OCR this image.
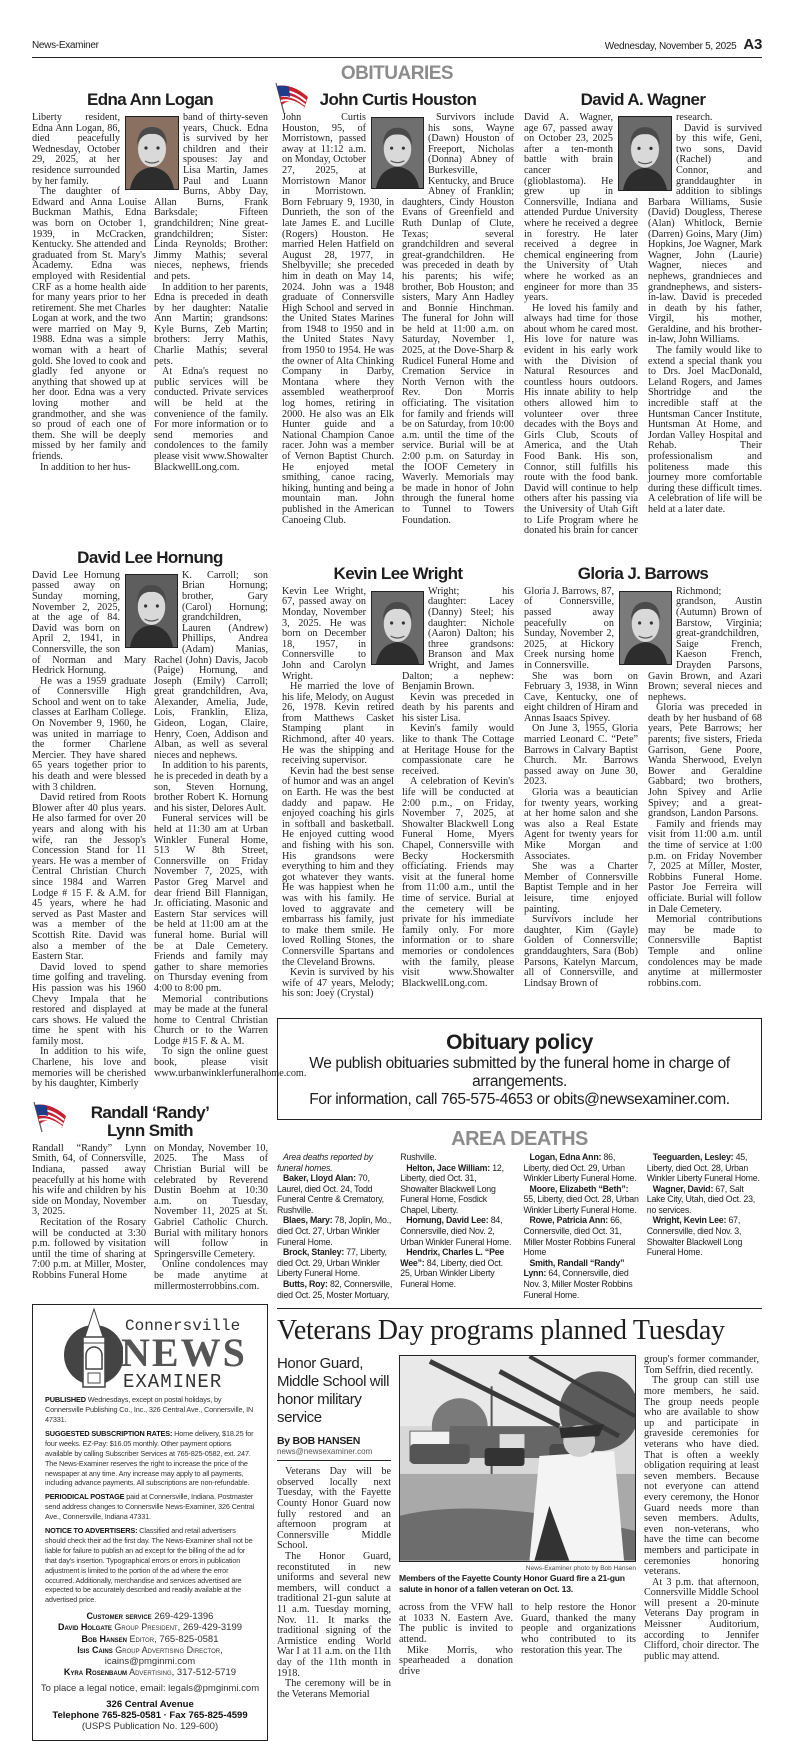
News-Examiner	Wednesday, November 5, 2025 A3
OBITUARIES
Edna Ann Logan

Liberty resident, Edna Ann Logan, 86, died peacefully Wednesday, October 29, 2025, at her residence surrounded by her family.

The daughter of Edward and Anna Louise Buckman Mathis, Edna was born on October 1, 1939, in McCracken, Kentucky. She attended and graduated from St. Mary's Academy. Edna was employed with Residential CRF as a home health aide for many years prior to her retirement. She met Charles Logan at work, and the two were married on May 9, 1988. Edna was a simple woman with a heart of gold. She loved to cook and gladly fed anyone or anything that showed up at her door. Edna was a very loving mother and grandmother, and she was so proud of each one of them. She will be deeply missed by her family and friends.

In addition to her hus-

band of thirty-seven years, Chuck. Edna is survived by her children and their spouses: Jay and Lisa Martin, James Paul and Luann Burns, Abby Day, Allan Burns, Frank Barksdale; Fifteen grandchildren; Nine great-grandchildren; Sister: Linda Reynolds; Brother: Jimmy Mathis; several nieces, nephews, friends and pets.

In addition to her parents, Edna is preceded in death by her daughter: Natalie Ann Martin; grandsons: Kyle Burns, Zeb Martin; brothers: Jerry Mathis, Charlie Mathis; several pets.

At Edna's request no public services will be conducted. Private services will be held at the convenience of the family. For more information or to send memories and condolences to the family please visit www.Showalter BlackwellLong.com.

John Curtis Houston

John Curtis Houston, 95, of Morristown, passed away at 11:12 a.m. on Monday, October 27, 2025, at Morristown Manor in Morristown. Born February 9, 1930, in Dunrieth, the son of the late James E. and Lucille (Rogers) Houston. He married Helen Hatfield on August 28, 1977, in Shelbyville; she preceded him in death on May 14, 2024. John was a 1948 graduate of Connersville High School and served in the United States Marines from 1948 to 1950 and in the United States Navy from 1950 to 1954. He was the owner of Alta Chinking Company in Darby, Montana where they assembled weatherproof log homes, retiring in 2000. He also was an Elk Hunter guide and a National Champion Canoe racer. John was a member of Vernon Baptist Church. He enjoyed metal smithing, canoe racing, hiking, hunting and being a mountain man. John published in the American Canoeing Club.

Survivors include his sons, Wayne (Dawn) Houston of Freeport, Nicholas (Donna) Abney of Burkesville, Kentucky, and Bruce Abney of Franklin; daughters, Cindy Houston Evans of Greenfield and Ruth Dunlap of Clute, Texas; several grandchildren and several great-grandchildren. He was preceded in death by his parents; his wife; brother, Bob Houston; and sisters, Mary Ann Hadley and Bonnie Hinchman. The funeral for John will be held at 11:00 a.m. on Saturday, November 1, 2025, at the Dove-Sharp & Rudicel Funeral Home and Cremation Service in North Vernon with the Rev. Don Morris officiating. The visitation for family and friends will be on Saturday, from 10:00 a.m. until the time of the service. Burial will be at 2:00 p.m. on Saturday in the IOOF Cemetery in Waverly. Memorials may be made in honor of John through the funeral home to Tunnel to Towers Foundation.

David A. Wagner

David A. Wagner, age 67, passed away on October 23, 2025 after a ten-month battle with brain cancer (glioblastoma). He grew up in Connersville, Indiana and attended Purdue University where he received a degree in forestry. He later received a degree in chemical engineering from the University of Utah where he worked as an engineer for more than 35 years.

He loved his family and always had time for those about whom he cared most. His love for nature was evident in his early work with the Division of Natural Resources and countless hours outdoors. His innate ability to help others allowed him to volunteer over three decades with the Boys and Girls Club, Scouts of America, and the Utah Food Bank. His son, Connor, still fulfills his route with the food bank. David will continue to help others after his passing via the University of Utah Gift to Life Program where he donated his brain for cancer

research.

David is survived by this wife, Geni, two sons, David (Rachel) and Connor, and granddaughter in addition to siblings Barbara Williams, Susie (David) Dougless, Therese (Alan) Whitlock, Bernie (Darren) Goins, Mary (Jim) Hopkins, Joe Wagner, Mark Wagner, John (Laurie) Wagner, nieces and nephews, grandnieces and grandnephews, and sisters-in-law. David is preceded in death by his father, Virgil, his mother, Geraldine, and his brother-in-law, John Williams.

The family would like to extend a special thank you to Drs. Joel MacDonald, Leland Rogers, and James Shortridge and the incredible staff at the Huntsman Cancer Institute, Huntsman At Home, and Jordan Valley Hospital and Rehab. Their professionalism and politeness made this journey more comfortable during these difficult times. A celebration of life will be held at a later date.

David Lee Hornung

David Lee Hornung passed away on Sunday morning, November 2, 2025, at the age of 84. David was born on April 2, 1941, in Connersville, the son of Norman and Mary Hedrick Hornung.

He was a 1959 graduate of Connersville High School and went on to take classes at Earlham College. On November 9, 1960, he was united in marriage to the former Charlene Mercier. They have shared 65 years together prior to his death and were blessed with 3 children.

David retired from Roots Blower after 40 plus years. He also farmed for over 20 years and along with his wife, ran the Jessop's Concession Stand for 11 years. He was a member of Central Christian Church since 1984 and Warren Lodge # 15 F. & A.M. for 45 years, where he had served as Past Master and was a member of the Scottish Rite. David was also a member of the Eastern Star.

David loved to spend time golfing and traveling. His passion was his 1960 Chevy Impala that he restored and displayed at cars shows. He valued the time he spent with his family most.

In addition to his wife, Charlene, his love and memories will be cherished by his daughter, Kimberly

K. Carroll; son Brian Hornung; brother, Gary (Carol) Hornung; grandchildren, Lauren (Andrew) Phillips, Andrea (Adam) Manias, Rachel (John) Davis, Jacob (Paige) Hornung, and Joseph (Emily) Carroll; great grandchildren, Ava, Alexander, Amelia, Jude, Lois, Franklin, Eliza, Gideon, Logan, Claire, Henry, Coen, Addison and Alban, as well as several nieces and nephews.

In addition to his parents, he is preceded in death by a son, Steven Hornung, brother Robert K. Hornung and his sister, Delores Ault.

Funeral services will be held at 11:30 am at Urban Winkler Funeral Home, 513 W 8th Street, Connersville on Friday November 7, 2025, with Pastor Greg Marvel and dear friend Bill Flannigan, Jr. officiating. Masonic and Eastern Star services will be held at 11:00 am at the funeral home. Burial will be at Dale Cemetery. Friends and family may gather to share memories on Thursday evening from 4:00 to 8:00 pm.

Memorial contributions may be made at the funeral home to Central Christian Church or to the Warren Lodge #15 F. & A. M.

To sign the online guest book, please visit www.urbanwinklerfuneralhome.com.

Randall ‘Randy’
Lynn Smith

Randall “Randy” Lynn Smith, 64, of Connersville, Indiana, passed away peacefully at his home with his wife and children by his side on Monday, November 3, 2025.

Recitation of the Rosary will be conducted at 3:30 p.m. followed by visitation until the time of sharing at 7:00 p.m. at Miller, Moster, Robbins Funeral Home

on Monday, November 10, 2025. The Mass of Christian Burial will be celebrated by Reverend Dustin Boehm at 10:30 a.m. on Tuesday, November 11, 2025 at St. Gabriel Catholic Church. Burial with military honors will follow in Springersville Cemetery.

Online condolences may be made anytime at millermosterrobbins.com.

Connersville
NEWS
EXAMINER

PUBLISHED Wednesdays, except on postal holidays, by Connersville Publishing Co., Inc., 326 Central Ave., Connersville, IN 47331.

SUGGESTED SUBSCRIPTION RATES: Home delivery, $18.25 for four weeks. EZ-Pay: $16.05 monthly. Other payment options available by calling Subscriber Services at 765-825-0582, ext. 247. The News-Examiner reserves the right to increase the price of the newspaper at any time. Any increase may apply to all payments, including advance payments. All subscriptions are non-refundable.

PERIODICAL POSTAGE paid at Connersville, Indiana. Postmaster send address changes to Connersville News-Examiner, 326 Central Ave., Connersville, Indiana 47331.

NOTICE TO ADVERTISERS: Classified and retail advertisers should check their ad the first day. The News-Examiner shall not be liable for failure to publish an ad except for the billing of the ad for that day's insertion. Typographical errors or errors in publication adjustment is limited to the portion of the ad where the error occurred. Additionally, merchandise and services advertised are expected to be accurately described and readily available at the advertised price.

Customer service 269-429-1396
David Holgate Group President, 269-429-3199
Bob Hansen Editor, 765-825-0581
Isis Cains Group Advertising Director, icains@pmginmi.com
Kyra Rosenbaum Advertising, 317-512-5719
To place a legal notice, email: legals@pmginmi.com
326 Central Avenue
Telephone 765-825-0581 · Fax 765-825-4599
(USPS Publication No. 129-600)
Kevin Lee Wright

Kevin Lee Wright, 67, passed away on Monday, November 3, 2025. He was born on December 18, 1957, in Connersville to John and Carolyn Wright.

He married the love of his life, Melody, on August 26, 1978. Kevin retired from Matthews Casket Stamping plant in Richmond, after 40 years. He was the shipping and receiving supervisor.

Kevin had the best sense of humor and was an angel on Earth. He was the best daddy and papaw. He enjoyed coaching his girls in softball and basketball. He enjoyed cutting wood and fishing with his son. His grandsons were everything to him and they got whatever they wants. He was happiest when he was with his family. He loved to aggravate and embarrass his family, just to make them smile. He loved Rolling Stones, the Connersville Spartans and the Cleveland Browns.

Kevin is survived by his wife of 47 years, Melody; his son: Joey (Crystal)

Wright; his daughter: Lacey (Danny) Steel; his daughter: Nichole (Aaron) Dalton; his three grandsons: Branson and Max Wright, and James Dalton; a nephew: Benjamin Brown.

Kevin was preceded in death by his parents and his sister Lisa.

Kevin's family would like to thank The Cottage at Heritage House for the compassionate care he received.

A celebration of Kevin's life will be conducted at 2:00 p.m., on Friday, November 7, 2025, at Showalter Blackwell Long Funeral Home, Myers Chapel, Connersville with Becky Hockersmith officiating. Friends may visit at the funeral home from 11:00 a.m., until the time of service. Burial at the cemetery will be private for his immediate family only. For more information or to share memories or condolences with the family, please visit www.Showalter BlackwellLong.com.

Gloria J. Barrows

Gloria J. Barrows, 87, of Connersville, passed away peacefully on Sunday, November 2, 2025, at Hickory Creek nursing home in Connersville.

She was born on February 3, 1938, in Winn Cave, Kentucky, one of eight children of Hiram and Annas Isaacs Spivey.

On June 3, 1955, Gloria married Leonard C. “Pete” Barrows in Calvary Baptist Church. Mr. Barrows passed away on June 30, 2023.

Gloria was a beautician for twenty years, working at her home salon and she was also a Real Estate Agent for twenty years for Mike Morgan and Associates.

She was a Charter Member of Connersville Baptist Temple and in her leisure, time enjoyed painting.

Survivors include her daughter, Kim (Gayle) Golden of Connersville; granddaughters, Sara (Bob) Parsons, Katelyn Marcum, all of Connersville, and Lindsay Brown of

Richmond; grandson, Austin (Autumn) Brown of Barstow, Virginia; great-grandchildren, Saige French, Kaeson French, Drayden Parsons, Gavin Brown, and Azari Brown; several nieces and nephews.

Gloria was preceded in death by her husband of 68 years, Pete Barrows; her parents; five sisters, Frieda Garrison, Gene Poore, Wanda Sherwood, Evelyn Bower and Geraldine Gabbard; two brothers, John Spivey and Arlie Spivey; and a great-grandson, Landon Parsons.

Family and friends may visit from 11:00 a.m. until the time of service at 1:00 p.m. on Friday November 7, 2025 at Miller, Moster, Robbins Funeral Home. Pastor Joe Ferreira will officiate. Burial will follow in Dale Cemetery.

Memorial contributions may be made to Connersville Baptist Temple and online condolences may be made anytime at millermoster robbins.com.

Obituary policy
We publish obituaries submitted by the funeral home in charge of arrangements.
For information, call 765-575-4653 or obits@newsexaminer.com.
AREA DEATHS

Area deaths reported by funeral homes.

Baker, Lloyd Alan: 70, Laurel, died Oct. 24, Todd Funeral Centre & Crematory, Rushville.

Blaes, Mary: 78, Joplin, Mo., died Oct. 27, Urban Winkler Funeral Home.

Brock, Stanley: 77, Liberty, died Oct. 29, Urban Winkler Liberty Funeral Home.

Butts, Roy: 82, Connersville, died Oct. 25, Moster Mortuary, Rushville.

Helton, Jace William: 12, Liberty, died Oct. 31, Showalter Blackwell Long Funeral Home, Fosdick Chapel, Liberty.

Hornung, David Lee: 84, Connersville, died Nov. 2, Urban Winkler Funeral Home.

Hendrix, Charles L. “Pee Wee”: 84, Liberty, died Oct. 25, Urban Winkler Liberty Funeral Home.

Logan, Edna Ann: 86, Liberty, died Oct. 29, Urban Winkler Liberty Funeral Home.

Moore, Elizabeth “Beth”: 55, Liberty, died Oct. 28, Urban Winkler Liberty Funeral Home.

Rowe, Patricia Ann: 66, Connersville, died Oct. 31, Miller Moster Robbins Funeral Home

Smith, Randall “Randy” Lynn: 64, Connersville, died Nov. 3, Miller Moster Robbins Funeral Home.

Teeguarden, Lesley: 45, Liberty, died Oct. 28, Urban Winkler Liberty Funeral Home.

Wagner, David: 67, Salt Lake City, Utah, died Oct. 23, no services.

Wright, Kevin Lee: 67, Connersville, died Nov. 3, Showalter Blackwell Long Funeral Home.

Veterans Day programs planned Tuesday
Honor Guard, Middle School will honor military service
By BOB HANSEN
news@newsexaminer.com

Veterans Day will be observed locally next Tuesday, with the Fayette County Honor Guard now fully restored and an afternoon program at Connersville Middle School.

The Honor Guard, reconstituted in new uniforms and several new members, will conduct a traditional 21-gun salute at 11 a.m. Tuesday morning, Nov. 11. It marks the traditional signing of the Armistice ending World War I at 11 a.m. on the 11th day of the 11th month in 1918.

The ceremony will be in the Veterans Memorial

News-Examiner photo by Bob Hansen
Members of the Fayette County Honor Guard fire a 21-gun salute in honor of a fallen veteran on Oct. 13.

across from the VFW hall at 1033 N. Eastern Ave. The public is invited to attend.

Mike Morris, who spearheaded a donation drive

to help restore the Honor Guard, thanked the many people and organizations who contributed to its restoration this year. The

group's former commander, Tom Seffrin, died recently.

The group can still use more members, he said. The group needs people who are available to show up and participate in graveside ceremonies for veterans who have died. That is often a weekly obligation requiring at least seven members. Because not everyone can attend every ceremony, the Honor Guard needs more than seven members. Adults, even non-veterans, who have the time can become members and participate in ceremonies honoring veterans.

At 3 p.m. that afternoon, Connersville Middle School will present a 20-minute Veterans Day program in Meissner Auditorium, according to Jennifer Clifford, choir director. The public may attend.
